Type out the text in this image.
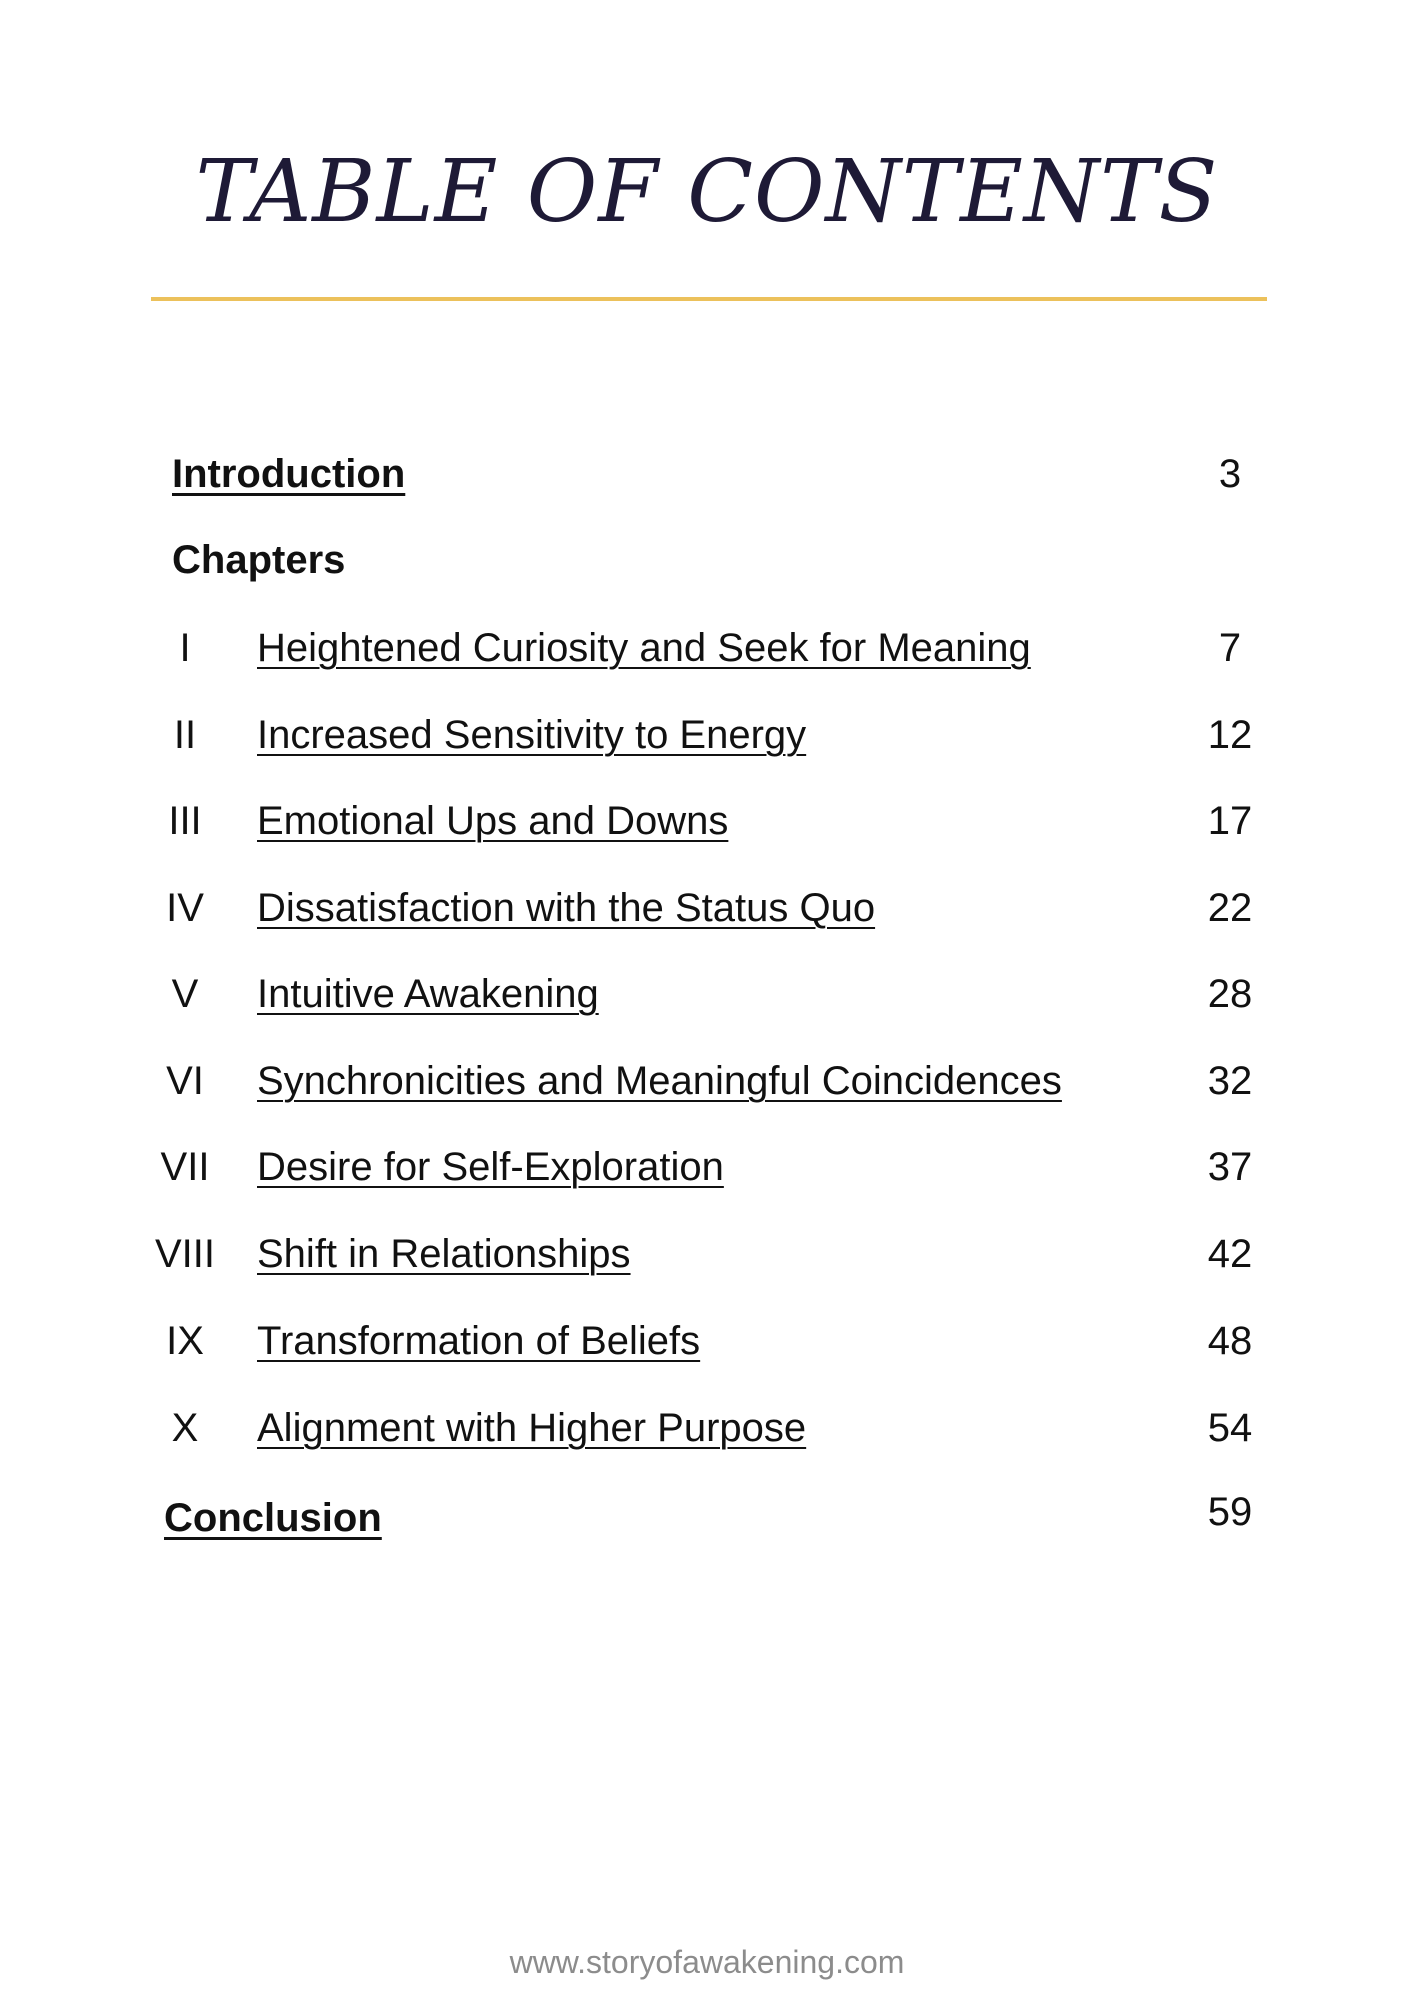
TABLE OF CONTENTS
Introduction	3
Chapters
I	Heightened Curiosity and Seek for Meaning	7
II	Increased Sensitivity to Energy	12
III	Emotional Ups and Downs	17
IV	Dissatisfaction with the Status Quo	22
V	Intuitive Awakening	28
VI	Synchronicities and Meaningful Coincidences	32
VII	Desire for Self-Exploration	37
VIII	Shift in Relationships	42
IX	Transformation of Beliefs	48
X	Alignment with Higher Purpose	54
Conclusion	59
www.storyofawakening.com
